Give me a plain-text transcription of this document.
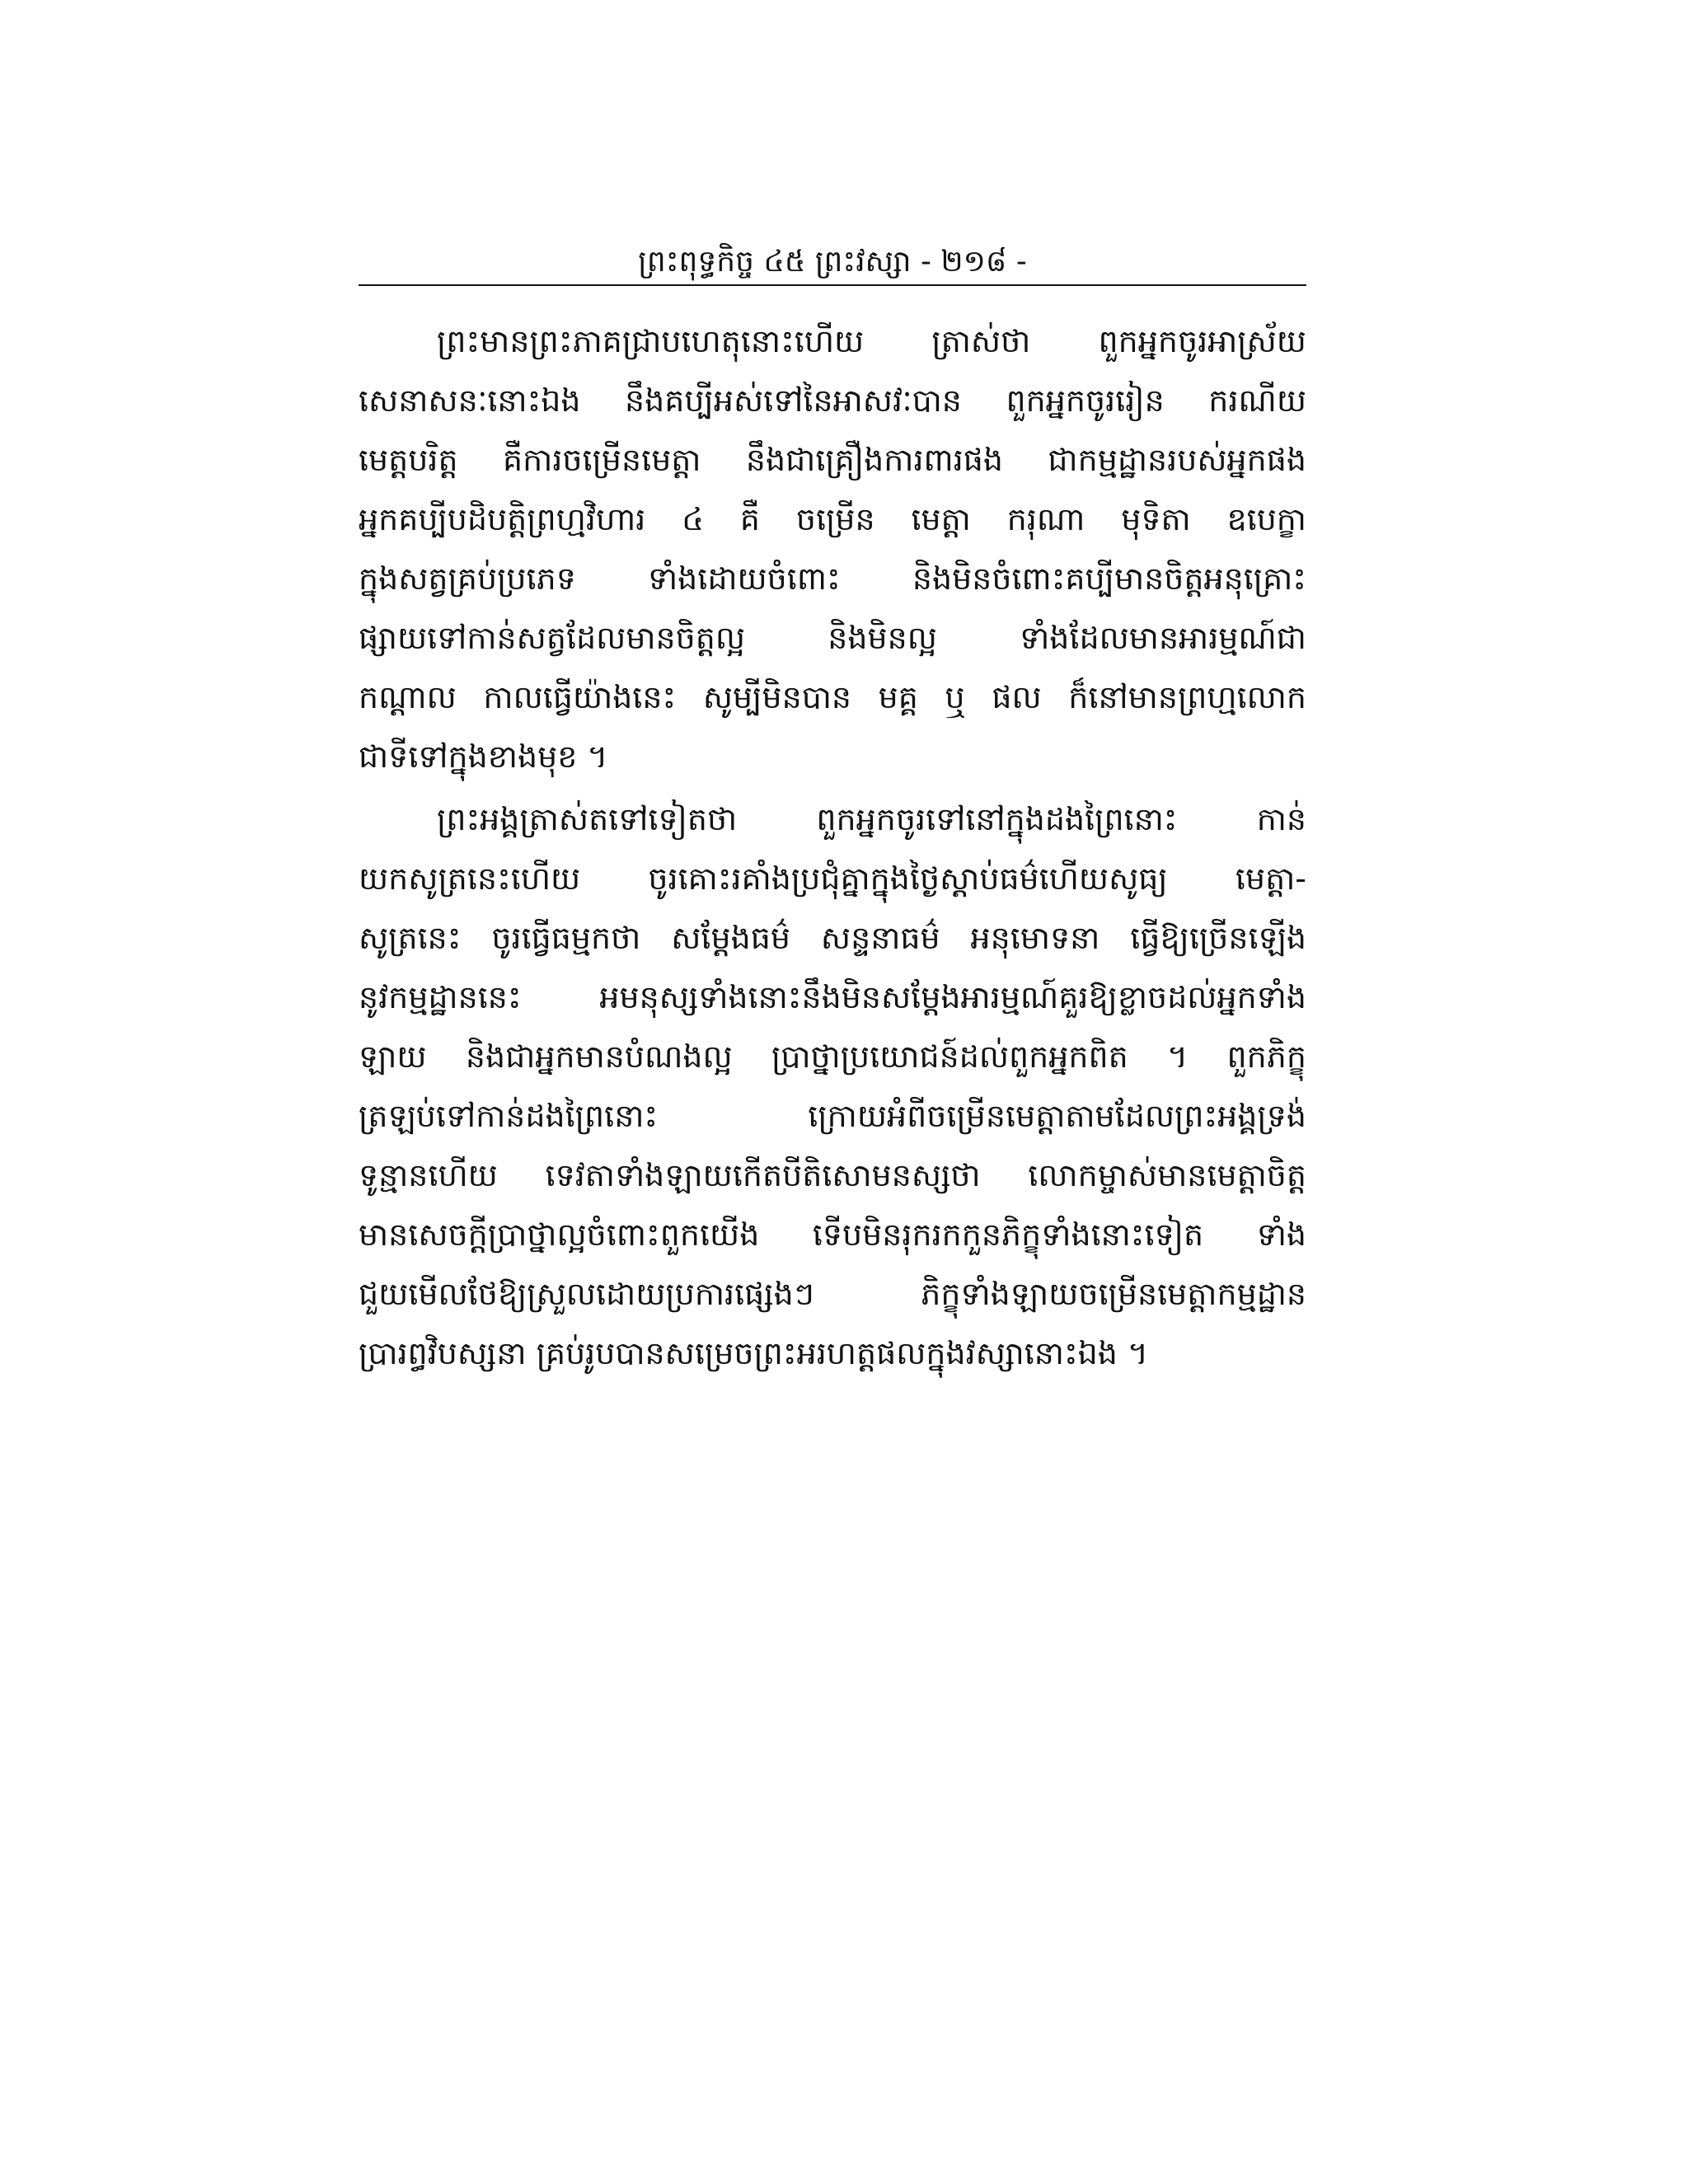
ព្រះពុទ្ធកិច្ច ៤៥ ព្រះវស្សា - ២១៨ -
ព្រះមានព្រះភាគជ្រាបហេតុនោះហើយ ត្រាស់ថា ពួកអ្នកចូរអាស្រ័យ
សេនាសនៈនោះឯង នឹងគប្បីអស់ទៅនៃអាសវៈបាន ពួកអ្នកចូររៀន ករណីយ
មេត្តបរិត្ត គឺការចម្រើនមេត្តា នឹងជាគ្រឿងការពារផង ជាកម្មដ្ឋានរបស់អ្នកផង
អ្នកគប្បីបដិបត្តិព្រហ្មវិហារ ៤ គឺ ចម្រើន មេត្តា ករុណា មុទិតា ឧបេក្ខា
ក្នុងសត្វគ្រប់ប្រភេទ ទាំងដោយចំពោះ និងមិនចំពោះគប្បីមានចិត្តអនុគ្រោះ
ផ្សាយទៅកាន់សត្វដែលមានចិត្តល្អ និងមិនល្អ ទាំងដែលមានអារម្មណ៍ជា
កណ្តាល កាលធ្វើយ៉ាងនេះ សូម្បីមិនបាន មគ្គ ឬ ផល ក៏នៅមានព្រហ្មលោក
ជាទីទៅក្នុងខាងមុខ ។
ព្រះអង្គត្រាស់តទៅទៀតថា ពួកអ្នកចូរទៅនៅក្នុងដងព្រៃនោះ កាន់
យកសូត្រនេះហើយ ចូរគោះរគាំងប្រជុំគ្នាក្នុងថ្ងៃស្តាប់ធម៌ហើយសូធ្យ មេត្តា-
សូត្រនេះ ចូរធ្វើធម្មកថា សម្តែងធម៌ សន្ទនាធម៌ អនុមោទនា ធ្វើឱ្យច្រើនឡើង
នូវកម្មដ្ឋាននេះ អមនុស្សទាំងនោះនឹងមិនសម្តែងអារម្មណ៍គួរឱ្យខ្លាចដល់អ្នកទាំង
ឡាយ និងជាអ្នកមានបំណងល្អ ប្រាថ្នាប្រយោជន៍ដល់ពួកអ្នកពិត ។ ពួកភិក្ខុ
ត្រឡប់ទៅកាន់ដងព្រៃនោះ ក្រោយអំពីចម្រើនមេត្តាតាមដែលព្រះអង្គទ្រង់
ទូន្មានហើយ ទេវតាទាំងឡាយកើតបីតិសោមនស្សថា លោកម្ចាស់មានមេត្តាចិត្ត
មានសេចក្តីប្រាថ្នាល្អចំពោះពួកយើង ទើបមិនរុករកកួនភិក្ខុទាំងនោះទៀត ទាំង
ជួយមើលថែឱ្យស្រួលដោយប្រការផ្សេងៗ ភិក្ខុទាំងឡាយចម្រើនមេត្តាកម្មដ្ឋាន
ប្រារព្ធវិបស្សនា គ្រប់រូបបានសម្រេចព្រះអរហត្តផលក្នុងវស្សានោះឯង ។
